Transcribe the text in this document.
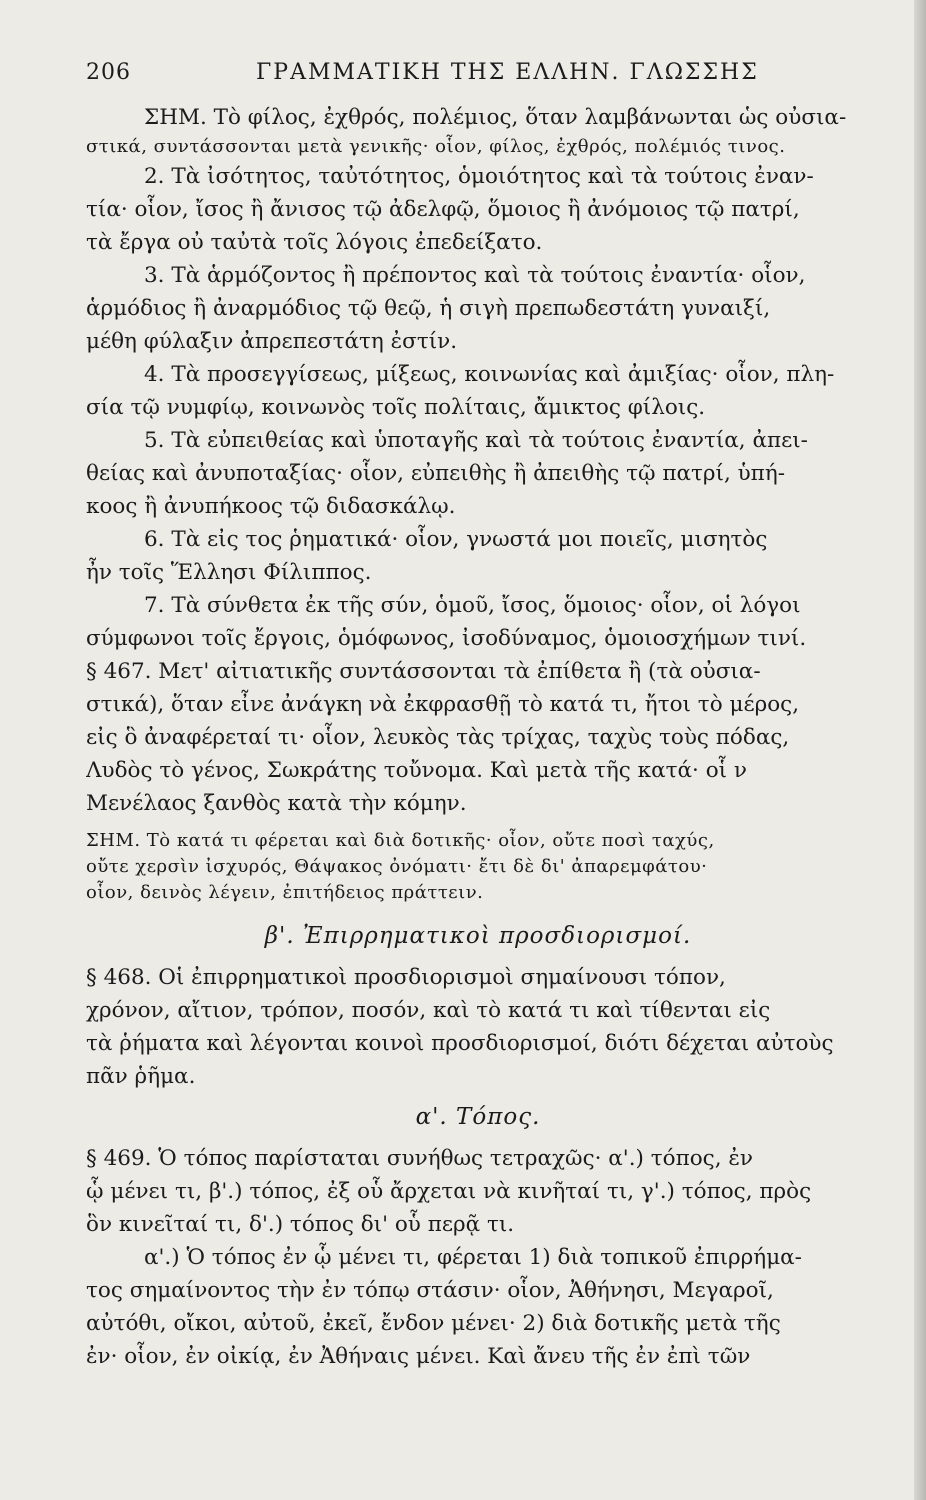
206	ΓΡΑΜΜΑΤΙΚΗ ΤΗΣ ΕΛΛΗΝ. ΓΛΩΣΣΗΣ
ΣΗΜ. Τὸ φίλος, ἐχθρός, πολέμιος, ὅταν λαμβάνωνται ὡς οὐσια-
στικά, συντάσσονται μετὰ γενικῆς· οἷον, φίλος, ἐχθρός, πολέμιός τινος.
2. Τὰ ἰσότητος, ταὐτότητος, ὁμοιότητος καὶ τὰ τούτοις ἐναν-
τία· οἷον, ἴσος ἢ ἄνισος τῷ ἀδελφῷ, ὅμοιος ἢ ἀνόμοιος τῷ πατρί,
τὰ ἔργα οὐ ταὐτὰ τοῖς λόγοις ἐπεδείξατο.
3. Τὰ ἁρμόζοντος ἢ πρέποντος καὶ τὰ τούτοις ἐναντία· οἷον,
ἁρμόδιος ἢ ἀναρμόδιος τῷ θεῷ, ἡ σιγὴ πρεπωδεστάτη γυναιξί,
μέθη φύλαξιν ἀπρεπεστάτη ἐστίν.
4. Τὰ προσεγγίσεως, μίξεως, κοινωνίας καὶ ἀμιξίας· οἷον, πλη-
σία τῷ νυμφίῳ, κοινωνὸς τοῖς πολίταις, ἄμικτος φίλοις.
5. Τὰ εὐπειθείας καὶ ὑποταγῆς καὶ τὰ τούτοις ἐναντία, ἀπει-
θείας καὶ ἀνυποταξίας· οἷον, εὐπειθὴς ἢ ἀπειθὴς τῷ πατρί, ὑπή-
κοος ἢ ἀνυπήκοος τῷ διδασκάλῳ.
6. Τὰ εἰς τος ῥηματικά· οἷον, γνωστά μοι ποιεῖς, μισητὸς
ἦν τοῖς Ἕλλησι Φίλιππος.
7. Τὰ σύνθετα ἐκ τῆς σύν, ὁμοῦ, ἴσος, ὅμοιος· οἷον, οἱ λόγοι
σύμφωνοι τοῖς ἔργοις, ὁμόφωνος, ἰσοδύναμος, ὁμοιοσχήμων τινί.
§ 467. Μετ' αἰτιατικῆς συντάσσονται τὰ ἐπίθετα ἢ (τὰ οὐσια-
στικά), ὅταν εἶνε ἀνάγκη νὰ ἐκφρασθῇ τὸ κατά τι, ἤτοι τὸ μέρος,
εἰς ὃ ἀναφέρεταί τι· οἷον, λευκὸς τὰς τρίχας, ταχὺς τοὺς πόδας,
Λυδὸς τὸ γένος, Σωκράτης τοὔνομα. Καὶ μετὰ τῆς κατά· οἷ ν
Μενέλαος ξανθὸς κατὰ τὴν κόμην.
ΣΗΜ. Τὸ κατά τι φέρεται καὶ διὰ δοτικῆς· οἷον, οὔτε ποσὶ ταχύς,
οὔτε χερσὶν ἰσχυρός, Θάψακος ὀνόματι· ἔτι δὲ δι' ἀπαρεμφάτου·
οἷον, δεινὸς λέγειν, ἐπιτήδειος πράττειν.
β'. Ἐπιρρηματικοὶ προσδιορισμοί.
§ 468. Οἱ ἐπιρρηματικοὶ προσδιορισμοὶ σημαίνουσι τόπον,
χρόνον, αἴτιον, τρόπον, ποσόν, καὶ τὸ κατά τι καὶ τίθενται εἰς
τὰ ῥήματα καὶ λέγονται κοινοὶ προσδιορισμοί, διότι δέχεται αὐτοὺς
πᾶν ῥῆμα.
α'. Τόπος.
§ 469. Ὁ τόπος παρίσταται συνήθως τετραχῶς· α'.) τόπος, ἐν
ᾧ μένει τι, β'.) τόπος, ἐξ οὗ ἄρχεται νὰ κινῆταί τι, γ'.) τόπος, πρὸς
ὃν κινεῖταί τι, δ'.) τόπος δι' οὗ περᾷ τι.
α'.) Ὁ τόπος ἐν ᾧ μένει τι, φέρεται 1) διὰ τοπικοῦ ἐπιρρήμα-
τος σημαίνοντος τὴν ἐν τόπῳ στάσιν· οἷον, Ἀθήνησι, Μεγαροῖ,
αὐτόθι, οἴκοι, αὐτοῦ, ἐκεῖ, ἔνδον μένει· 2) διὰ δοτικῆς μετὰ τῆς
ἐν· οἷον, ἐν οἰκίᾳ, ἐν Ἀθήναις μένει. Καὶ ἄνευ τῆς ἐν ἐπὶ τῶν
